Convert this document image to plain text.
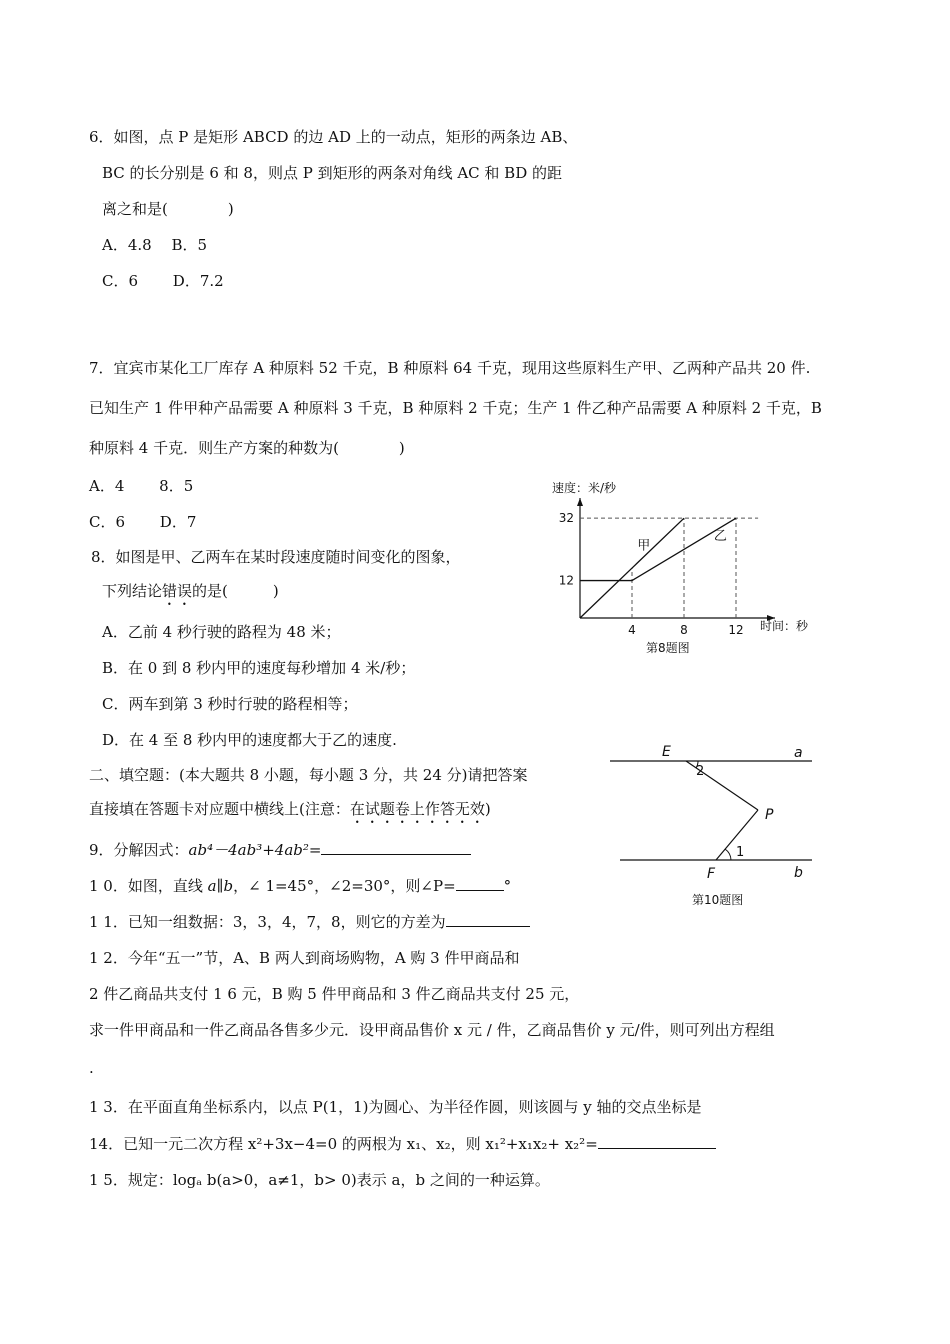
6．如图，点 P 是矩形 ABCD 的边 AD 上的一动点，矩形的两条边 AB、
BC 的长分别是 6 和 8，则点 P 到矩形的两条对角线 AC 和 BD 的距
离之和是(　　　　)
A．4.8　 B．5
C．6　　 D．7.2
7．宜宾市某化工厂库存 A 种原料 52 千克，B 种原料 64 千克，现用这些原料生产甲、乙两种产品共 20 件.
已知生产 1 件甲种产品需要 A 种原料 3 千克，B 种原料 2 千克；生产 1 件乙种产品需要 A 种原料 2 千克，B
种原料 4 千克．则生产方案的种数为(　　　　)
A．4　　 8．5
C．6　　 D．7
8．如图是甲、乙两车在某时段速度随时间变化的图象，
下列结论错误的是(　　　)
A．乙前 4 秒行驶的路程为 48 米；
B．在 0 到 8 秒内甲的速度每秒增加 4 米/秒；
C．两车到第 3 秒时行驶的路程相等；
D．在 4 至 8 秒内甲的速度都大于乙的速度.
二、填空题：(本大题共 8 小题，每小题 3 分，共 24 分)请把答案
直接填在答题卡对应题中横线上(注意：在试题卷上作答无效)
9．分解因式：ab⁴－4ab³+4ab²=
1 0．如图，直线 a∥b，∠ 1=45°，∠2=30°，则∠P=	°
1 1．已知一组数据：3，3，4，7，8，则它的方差为
1 2．今年“五一”节，A、B 两人到商场购物，A 购 3 件甲商品和
2 件乙商品共支付 1 6 元，B 购 5 件甲商品和 3 件乙商品共支付 25 元，
求一件甲商品和一件乙商品各售多少元．设甲商品售价 x 元 / 件，乙商品售价 y 元/件，则可列出方程组
.
1 3．在平面直角坐标系内，以点 P(1，1)为圆心、为半径作圆，则该圆与 y 轴的交点坐标是
14．已知一元二次方程 x²+3x−4=0 的两根为 x₁、x₂，则 x₁²+x₁x₂+ x₂²=
1 5．规定：logₐ b(a>0，a≠1，b> 0)表示 a，b 之间的一种运算。
速度：米/秒
时间：秒
第8题图
12
32
4	8	12
甲
乙
E	a
2
P
1
F	b
第10题图
